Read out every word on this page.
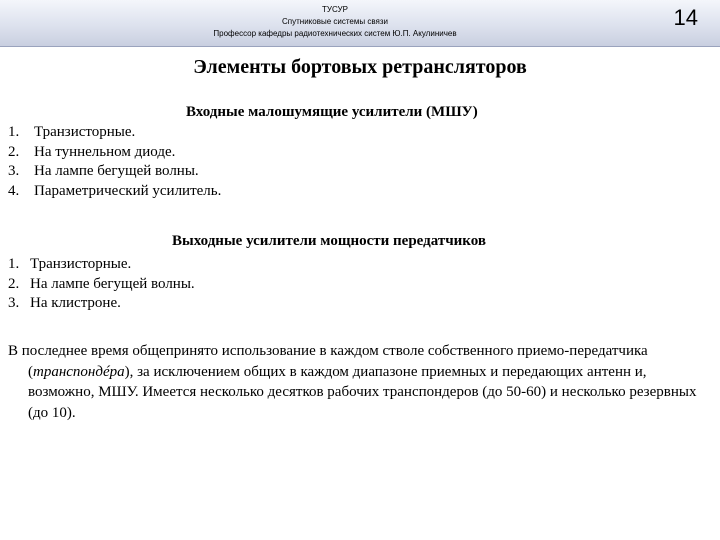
ТУСУР
Спутниковые системы связи
Профессор кафедры радиотехнических систем Ю.П. Акулиничев
14
Элементы бортовых ретрансляторов
Входные малошумящие усилители (МШУ)
1. Транзисторные.
2. На туннельном диоде.
3. На лампе бегущей волны.
4. Параметрический усилитель.
Выходные усилители мощности передатчиков
1. Транзисторные.
2. На лампе бегущей волны.
3. На клистроне.
В последнее время общепринято использование в каждом стволе собственного приемо-передатчика (транспондéра), за исключением общих в каждом диапазоне приемных и передающих антенн и, возможно, МШУ. Имеется несколько десятков рабочих транспондеров (до 50-60) и несколько резервных (до 10).
